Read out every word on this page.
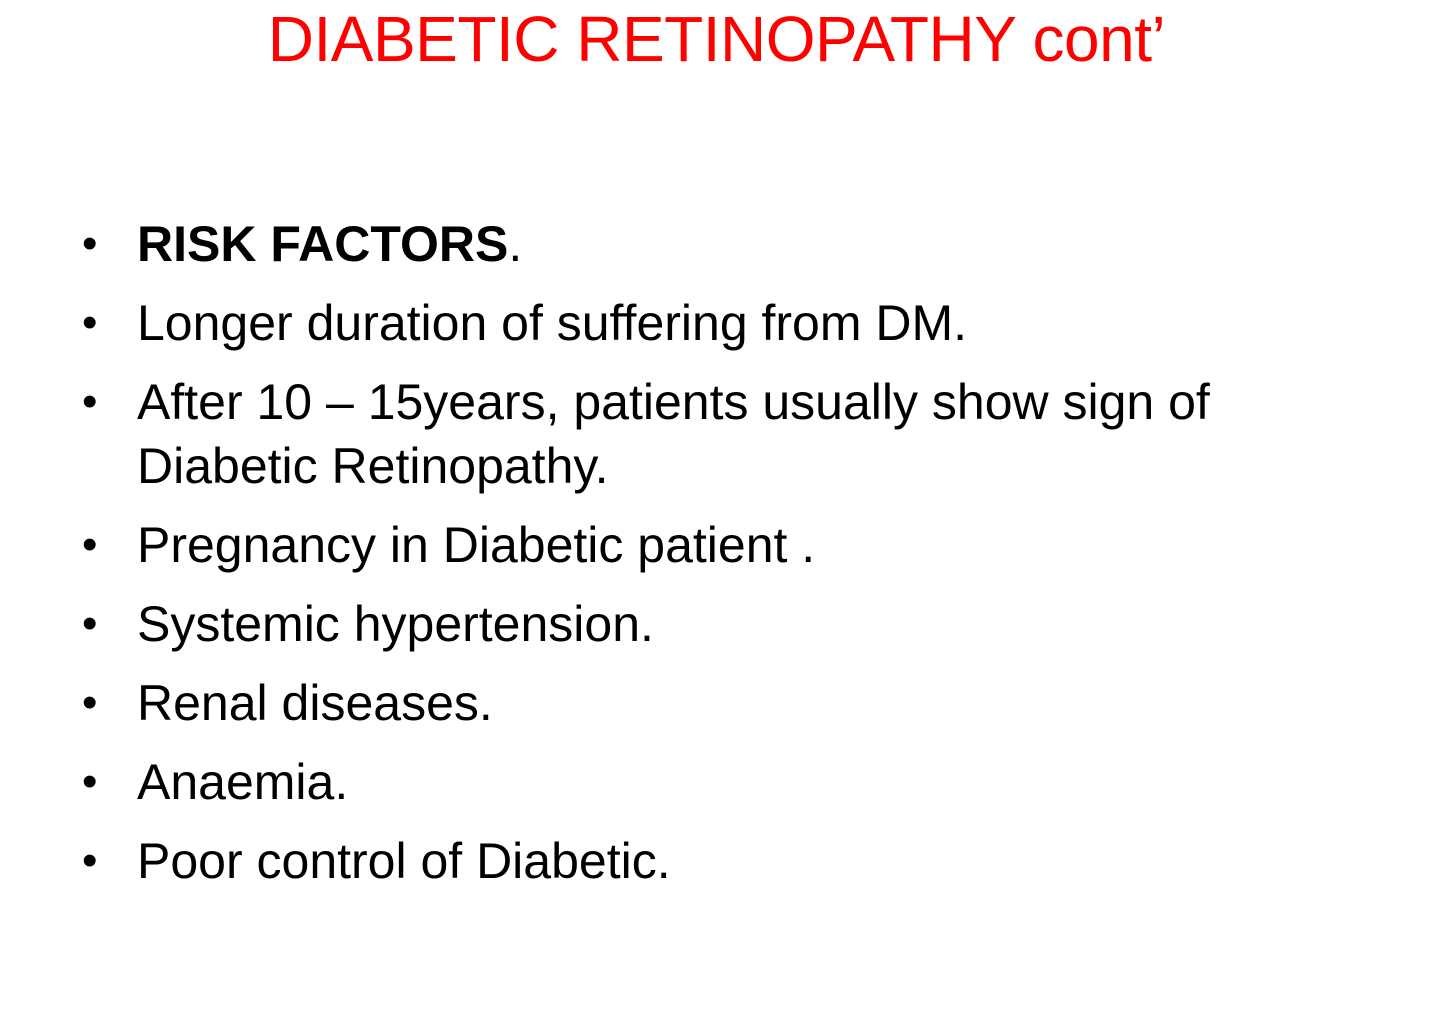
DIABETIC RETINOPATHY cont’
• RISK FACTORS.
• Longer duration of suffering from DM.
• After 10 – 15years, patients usually show sign of Diabetic Retinopathy.
• Pregnancy in Diabetic patient .
• Systemic hypertension.
• Renal diseases.
• Anaemia.
• Poor control of Diabetic.
